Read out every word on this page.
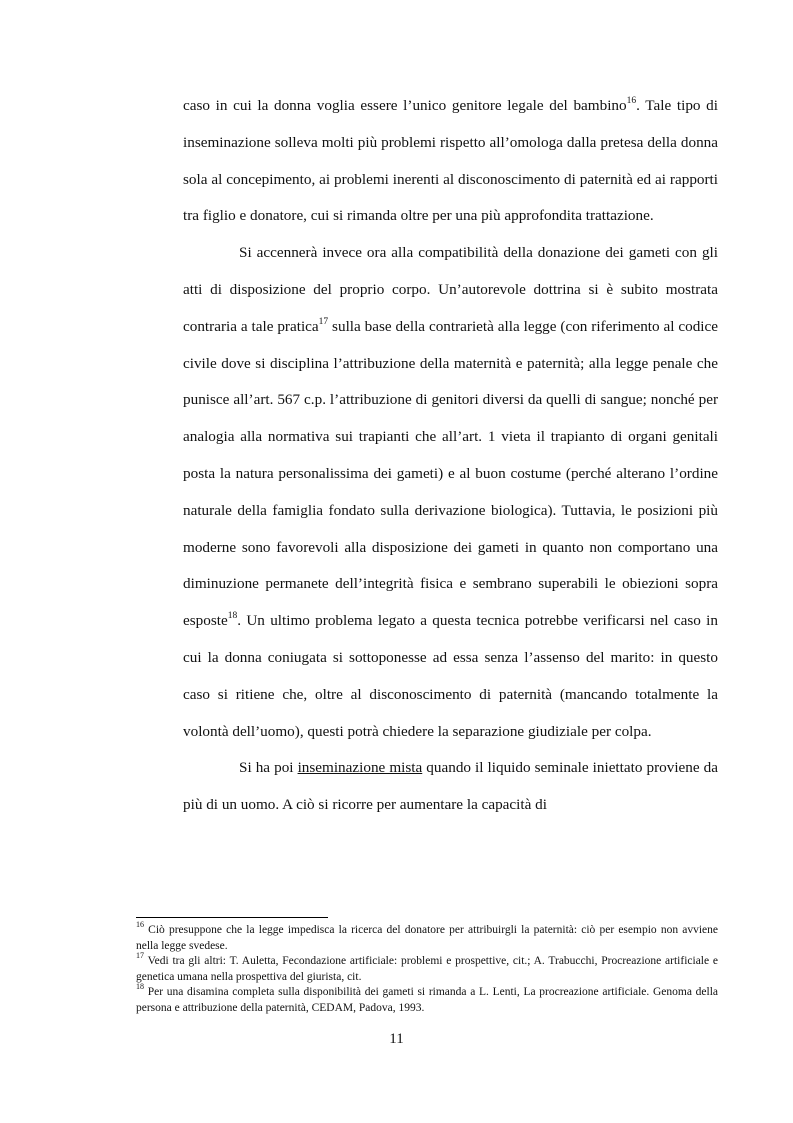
caso in cui la donna voglia essere l’unico genitore legale del bambino$^{16}$. Tale tipo di inseminazione solleva molti più problemi rispetto all’omologa dalla pretesa della donna sola al concepimento, ai problemi inerenti al disconoscimento di paternità ed ai rapporti tra figlio e donatore, cui si rimanda oltre per una più approfondita trattazione.

Si accennerà invece ora alla compatibilità della donazione dei gameti con gli atti di disposizione del proprio corpo. Un’autorevole dottrina si è subito mostrata contraria a tale pratica$^{17}$ sulla base della contrarietà alla legge (con riferimento al codice civile dove si disciplina l’attribuzione della maternità e paternità; alla legge penale che punisce all’art. 567 c.p. l’attribuzione di genitori diversi da quelli di sangue; nonché per analogia alla normativa sui trapianti che all’art. 1 vieta il trapianto di organi genitali posta la natura personalissima dei gameti) e al buon costume (perché alterano l’ordine naturale della famiglia fondato sulla derivazione biologica). Tuttavia, le posizioni più moderne sono favorevoli alla disposizione dei gameti in quanto non comportano una diminuzione permanete dell’integrità fisica e sembrano superabili le obiezioni sopra esposte$^{18}$. Un ultimo problema legato a questa tecnica potrebbe verificarsi nel caso in cui la donna coniugata si sottoponesse ad essa senza l’assenso del marito: in questo caso si ritiene che, oltre al disconoscimento di paternità (mancando totalmente la volontà dell’uomo), questi potrà chiedere la separazione giudiziale per colpa.

Si ha poi inseminazione mista quando il liquido seminale iniettato proviene da più di un uomo. A ciò si ricorre per aumentare la capacità di

$^{16}$ Ciò presuppone che la legge impedisca la ricerca del donatore per attribuirgli la paternità: ciò per esempio non avviene nella legge svedese.

$^{17}$ Vedi tra gli altri: T. Auletta, Fecondazione artificiale: problemi e prospettive, cit.; A. Trabucchi, Procreazione artificiale e genetica umana nella prospettiva del giurista, cit.

$^{18}$ Per una disamina completa sulla disponibilità dei gameti si rimanda a L. Lenti, La procreazione artificiale. Genoma della persona e attribuzione della paternità, CEDAM, Padova, 1993.

11
